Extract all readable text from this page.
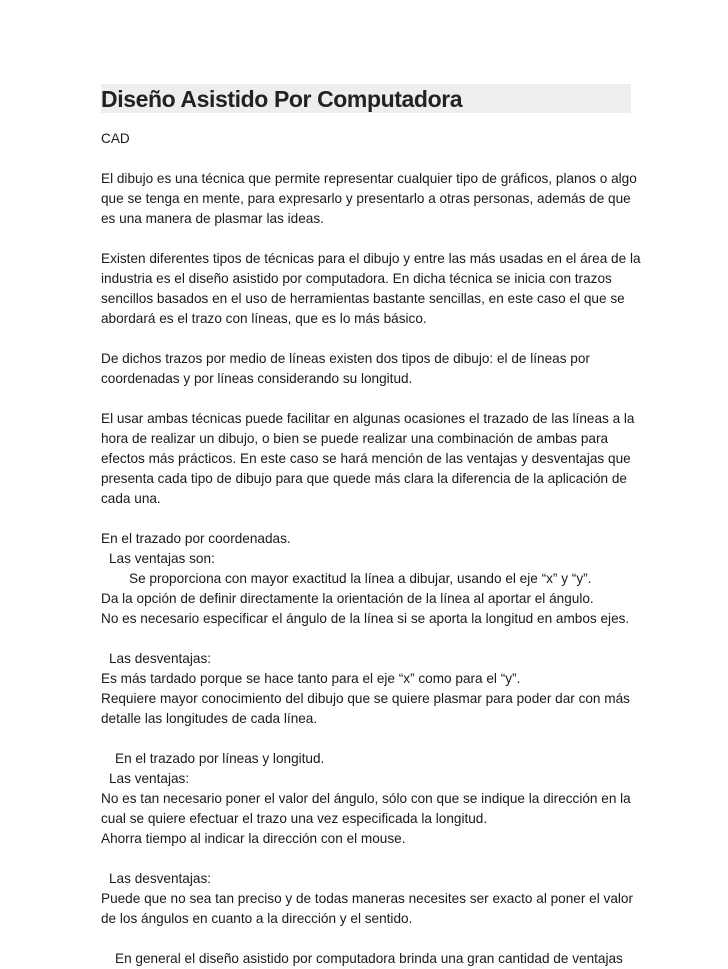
Diseño Asistido Por Computadora
CAD
El dibujo es una técnica que permite representar cualquier tipo de gráficos, planos o algo
que se tenga en mente, para expresarlo y presentarlo a otras personas, además de que
es una manera de plasmar las ideas.
Existen diferentes tipos de técnicas para el dibujo y entre las más usadas en el área de la
industria es el diseño asistido por computadora. En dicha técnica se inicia con trazos
sencillos basados en el uso de herramientas bastante sencillas, en este caso el que se
abordará es el trazo con líneas, que es lo más básico.
De dichos trazos por medio de líneas existen dos tipos de dibujo: el de líneas por
coordenadas y por líneas considerando su longitud.
El usar ambas técnicas puede facilitar en algunas ocasiones el trazado de las líneas a la
hora de realizar un dibujo, o bien se puede realizar una combinación de ambas para
efectos más prácticos. En este caso se hará mención de las ventajas y desventajas que
presenta cada tipo de dibujo para que quede más clara la diferencia de la aplicación de
cada una.
En el trazado por coordenadas.
Las ventajas son:
Se proporciona con mayor exactitud la línea a dibujar, usando el eje “x” y “y”.
Da la opción de definir directamente la orientación de la línea al aportar el ángulo.
No es necesario especificar el ángulo de la línea si se aporta la longitud en ambos ejes.
Las desventajas:
Es más tardado porque se hace tanto para el eje “x” como para el “y”.
Requiere mayor conocimiento del dibujo que se quiere plasmar para poder dar con más
detalle las longitudes de cada línea.
En el trazado por líneas y longitud.
Las ventajas:
No es tan necesario poner el valor del ángulo, sólo con que se indique la dirección en la
cual se quiere efectuar el trazo una vez especificada la longitud.
Ahorra tiempo al indicar la dirección con el mouse.
Las desventajas:
Puede que no sea tan preciso y de todas maneras necesites ser exacto al poner el valor
de los ángulos en cuanto a la dirección y el sentido.
En general el diseño asistido por computadora brinda una gran cantidad de ventajas
